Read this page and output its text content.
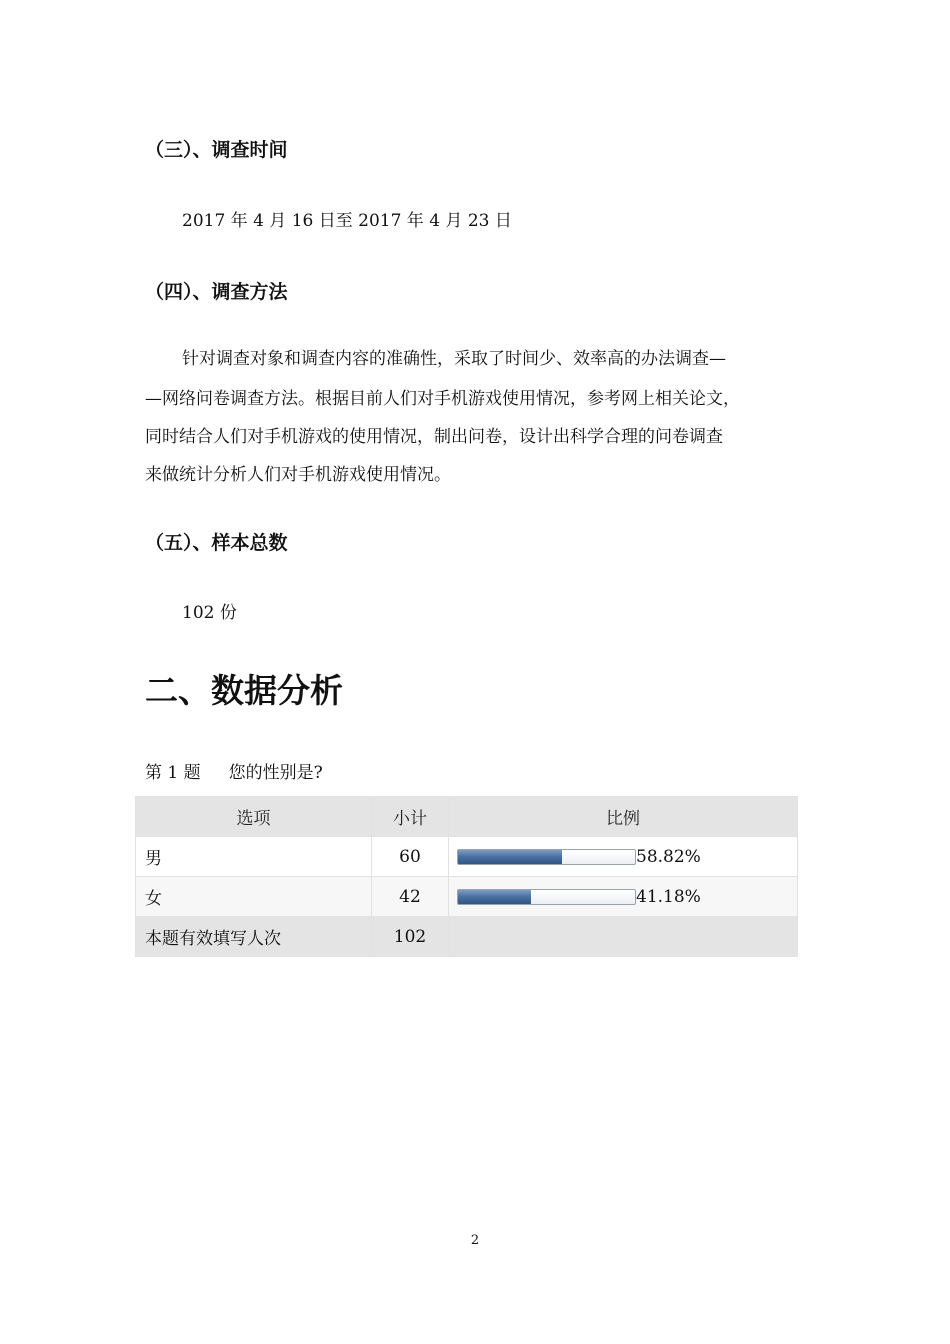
（三）、调查时间
2017 年 4 月 16 日至 2017 年 4 月 23 日
（四）、调查方法
针对调查对象和调查内容的准确性，采取了时间少、效率高的办法调查—
—网络问卷调查方法。根据目前人们对手机游戏使用情况，参考网上相关论文，
同时结合人们对手机游戏的使用情况，制出问卷，设计出科学合理的问卷调查
来做统计分析人们对手机游戏使用情况。
（五）、样本总数
102 份
二、数据分析
第 1 题 您的性别是?
选项	小计	比例
男	60	58.82%
女	42	41.18%
本题有效填写人次	102	
2
